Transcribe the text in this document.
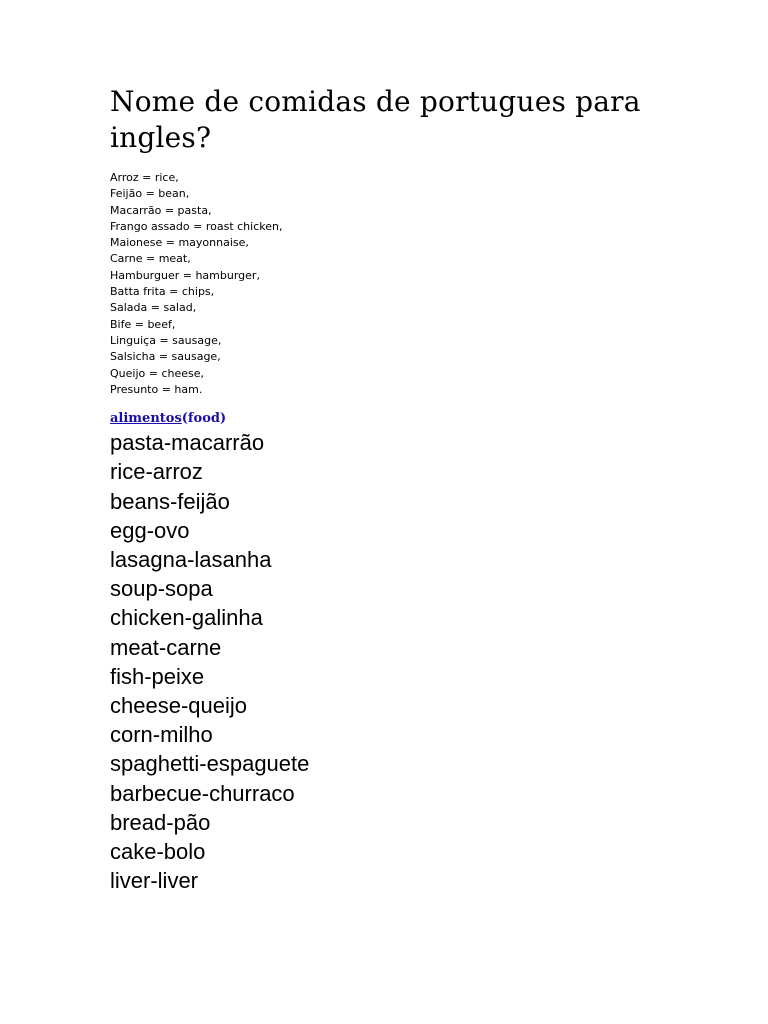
Nome de comidas de portugues para ingles?
Arroz = rice,
Feijão = bean,
Macarrão = pasta,
Frango assado = roast chicken,
Maionese = mayonnaise,
Carne = meat,
Hamburguer = hamburger,
Batta frita = chips,
Salada = salad,
Bife = beef,
Linguiça = sausage,
Salsicha = sausage,
Queijo = cheese,
Presunto = ham.
alimentos(food)
pasta-macarrão
rice-arroz
beans-feijão
egg-ovo
lasagna-lasanha
soup-sopa
chicken-galinha
meat-carne
fish-peixe
cheese-queijo
corn-milho
spaghetti-espaguete
barbecue-churraco
bread-pão
cake-bolo
liver-liver
